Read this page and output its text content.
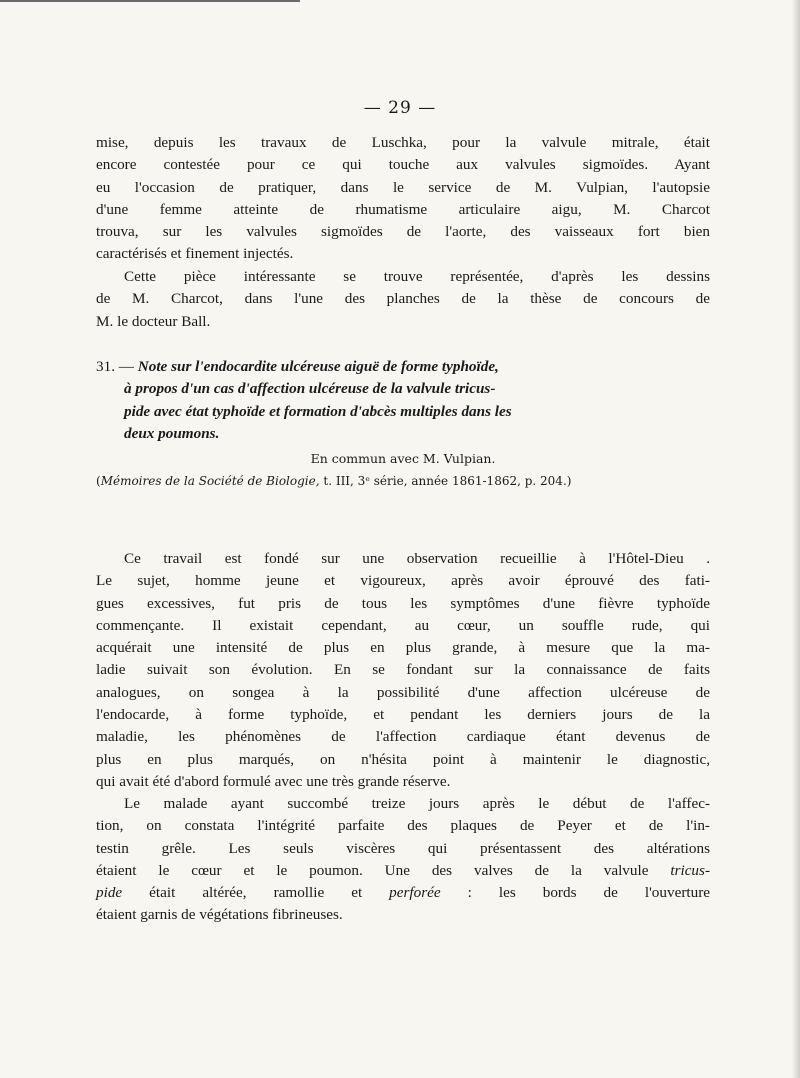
— 29 —
mise, depuis les travaux de Luschka, pour la valvule mitrale, était
encore contestée pour ce qui touche aux valvules sigmoïdes. Ayant
eu l'occasion de pratiquer, dans le service de M. Vulpian, l'autopsie
d'une femme atteinte de rhumatisme articulaire aigu, M. Charcot
trouva, sur les valvules sigmoïdes de l'aorte, des vaisseaux fort bien
caractérisés et finement injectés.
Cette pièce intéressante se trouve représentée, d'après les dessins
de M. Charcot, dans l'une des planches de la thèse de concours de
M. le docteur Ball.
31. — Note sur l'endocardite ulcéreuse aiguë de forme typhoïde,
à propos d'un cas d'affection ulcéreuse de la valvule tricus-
pide avec état typhoïde et formation d'abcès multiples dans les
deux poumons.
En commun avec M. Vulpian.
(Mémoires de la Société de Biologie, t. III, 3ᵉ série, année 1861-1862, p. 204.)
Ce travail est fondé sur une observation recueillie à l'Hôtel-Dieu .
Le sujet, homme jeune et vigoureux, après avoir éprouvé des fati-
gues excessives, fut pris de tous les symptômes d'une fièvre typhoïde
commençante. Il existait cependant, au cœur, un souffle rude, qui
acquérait une intensité de plus en plus grande, à mesure que la ma-
ladie suivait son évolution. En se fondant sur la connaissance de faits
analogues, on songea à la possibilité d'une affection ulcéreuse de
l'endocarde, à forme typhoïde, et pendant les derniers jours de la
maladie, les phénomènes de l'affection cardiaque étant devenus de
plus en plus marqués, on n'hésita point à maintenir le diagnostic,
qui avait été d'abord formulé avec une très grande réserve.
Le malade ayant succombé treize jours après le début de l'affec-
tion, on constata l'intégrité parfaite des plaques de Peyer et de l'in-
testin grêle. Les seuls viscères qui présentassent des altérations
étaient le cœur et le poumon. Une des valves de la valvule tricus-
pide était altérée, ramollie et perforée : les bords de l'ouverture
étaient garnis de végétations fibrineuses.
